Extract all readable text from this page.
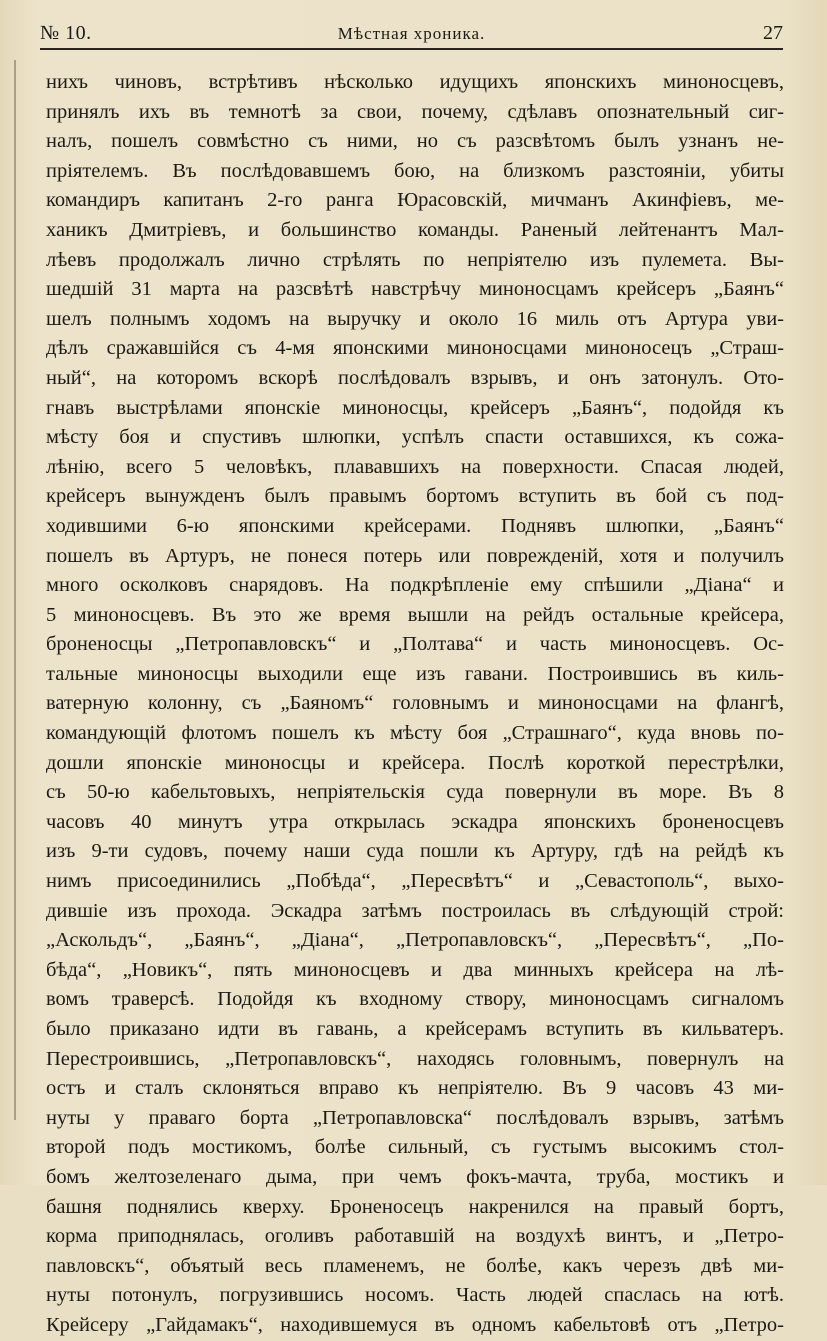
№ 10.	Мѣстная хроника.	27
нихъ чиновъ, встрѣтивъ нѣсколько идущихъ японскихъ миноносцевъ,
принялъ ихъ въ темнотѣ за свои, почему, сдѣлавъ опознательный сиг-
налъ, пошелъ совмѣстно съ ними, но съ разсвѣтомъ былъ узнанъ не-
пріятелемъ. Въ послѣдовавшемъ бою, на близкомъ разстояніи, убиты
командиръ капитанъ 2-го ранга Юрасовскій, мичманъ Акинфіевъ, ме-
ханикъ Дмитріевъ, и большинство команды. Раненый лейтенантъ Мал-
лѣевъ продолжалъ лично стрѣлять по непріятелю изъ пулемета. Вы-
шедшій 31 марта на разсвѣтѣ навстрѣчу миноносцамъ крейсеръ „Баянъ“
шелъ полнымъ ходомъ на выручку и около 16 миль отъ Артура уви-
дѣлъ сражавшійся съ 4-мя японскими миноносцами миноносецъ „Страш-
ный“, на которомъ вскорѣ послѣдовалъ взрывъ, и онъ затонулъ. Ото-
гнавъ выстрѣлами японскіе миноносцы, крейсеръ „Баянъ“, подойдя къ
мѣсту боя и спустивъ шлюпки, успѣлъ спасти оставшихся, къ сожа-
лѣнію, всего 5 человѣкъ, плававшихъ на поверхности. Спасая людей,
крейсеръ вынужденъ былъ правымъ бортомъ вступить въ бой съ под-
ходившими 6-ю японскими крейсерами. Поднявъ шлюпки, „Баянъ“
пошелъ въ Артуръ, не понеся потерь или поврежденій, хотя и получилъ
много осколковъ снарядовъ. На подкрѣпленіе ему спѣшили „Діана“ и
5 миноносцевъ. Въ это же время вышли на рейдъ остальные крейсера,
броненосцы „Петропавловскъ“ и „Полтава“ и часть миноносцевъ. Ос-
тальные миноносцы выходили еще изъ гавани. Построившись въ киль-
ватерную колонну, съ „Баяномъ“ головнымъ и миноносцами на флангѣ,
командующій флотомъ пошелъ къ мѣсту боя „Страшнаго“, куда вновь по-
дошли японскіе миноносцы и крейсера. Послѣ короткой перестрѣлки,
съ 50-ю кабельтовыхъ, непріятельскія суда повернули въ море. Въ 8
часовъ 40 минутъ утра открылась эскадра японскихъ броненосцевъ
изъ 9-ти судовъ, почему наши суда пошли къ Артуру, гдѣ на рейдѣ къ
нимъ присоединились „Побѣда“, „Пересвѣтъ“ и „Севастополь“, выхо-
дившіе изъ прохода. Эскадра затѣмъ построилась въ слѣдующій строй:
„Аскольдъ“, „Баянъ“, „Діана“, „Петропавловскъ“, „Пересвѣтъ“, „По-
бѣда“, „Новикъ“, пять миноносцевъ и два минныхъ крейсера на лѣ-
вомъ траверсѣ. Подойдя къ входному створу, миноносцамъ сигналомъ
было приказано идти въ гавань, а крейсерамъ вступить въ кильватеръ.
Перестроившись, „Петропавловскъ“, находясь головнымъ, повернулъ на
остъ и сталъ склоняться вправо къ непріятелю. Въ 9 часовъ 43 ми-
нуты у праваго борта „Петропавловска“ послѣдовалъ взрывъ, затѣмъ
второй подъ мостикомъ, болѣе сильный, съ густымъ высокимъ стол-
бомъ желтозеленаго дыма, при чемъ фокъ-мачта, труба, мостикъ и
башня поднялись кверху. Броненосецъ накренился на правый бортъ,
корма приподнялась, оголивъ работавшій на воздухѣ винтъ, и „Петро-
павловскъ“, объятый весь пламенемъ, не болѣе, какъ черезъ двѣ ми-
нуты потонулъ, погрузившись носомъ. Часть людей спаслась на ютѣ.
Крейсеру „Гайдамакъ“, находившемуся въ одномъ кабельтовѣ отъ „Петро-
